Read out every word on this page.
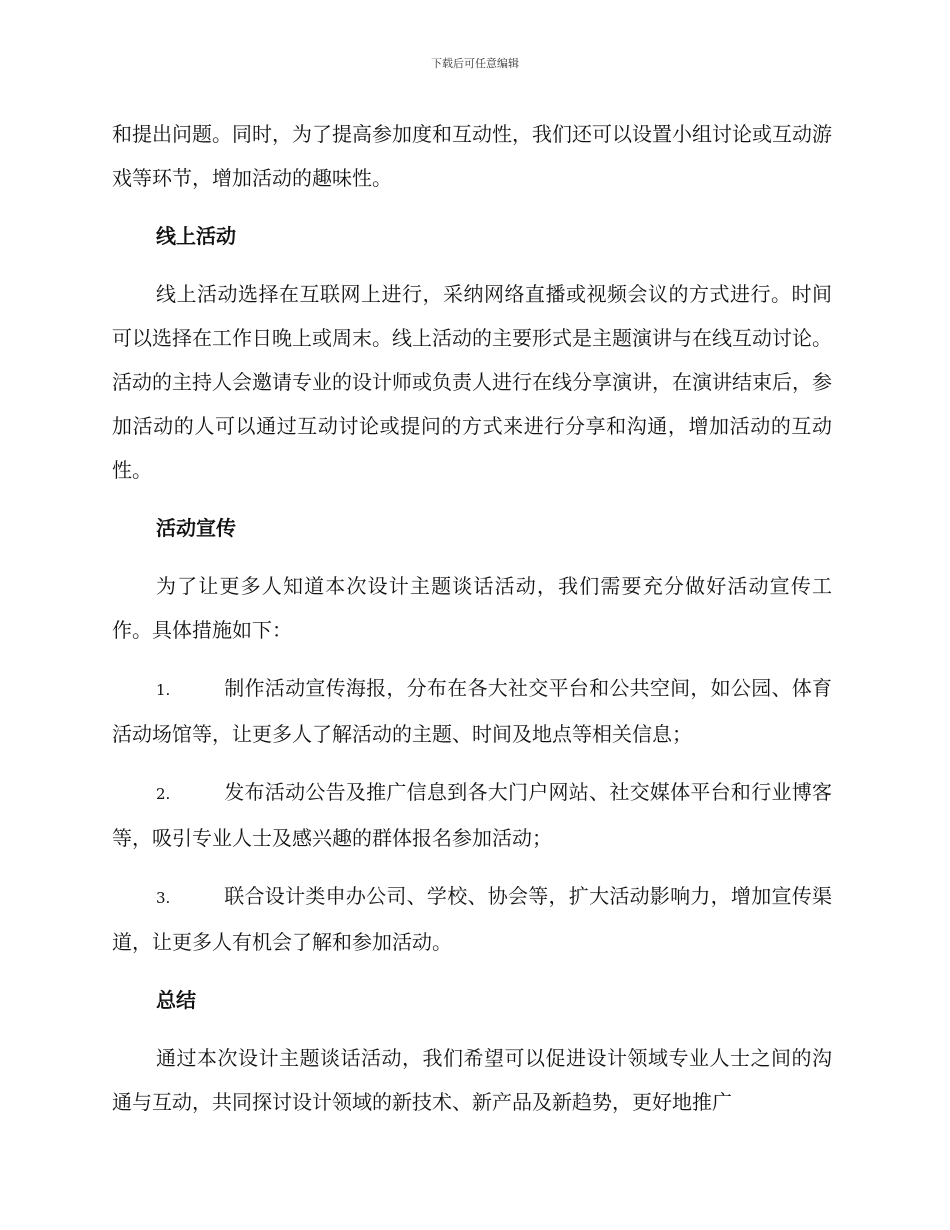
下载后可任意编辑

和提出问题。同时，为了提高参加度和互动性，我们还可以设置小组讨论或互动游戏等环节，增加活动的趣味性。

线上活动

线上活动选择在互联网上进行，采纳网络直播或视频会议的方式进行。时间可以选择在工作日晚上或周末。线上活动的主要形式是主题演讲与在线互动讨论。活动的主持人会邀请专业的设计师或负责人进行在线分享演讲，在演讲结束后，参加活动的人可以通过互动讨论或提问的方式来进行分享和沟通，增加活动的互动性。

活动宣传

为了让更多人知道本次设计主题谈话活动，我们需要充分做好活动宣传工作。具体措施如下：

1.	制作活动宣传海报，分布在各大社交平台和公共空间，如公园、体育活动场馆等，让更多人了解活动的主题、时间及地点等相关信息；

2.	发布活动公告及推广信息到各大门户网站、社交媒体平台和行业博客等，吸引专业人士及感兴趣的群体报名参加活动；

3.	联合设计类申办公司、学校、协会等，扩大活动影响力，增加宣传渠道，让更多人有机会了解和参加活动。

总结

通过本次设计主题谈话活动，我们希望可以促进设计领域专业人士之间的沟通与互动，共同探讨设计领域的新技术、新产品及新趋势，更好地推广
